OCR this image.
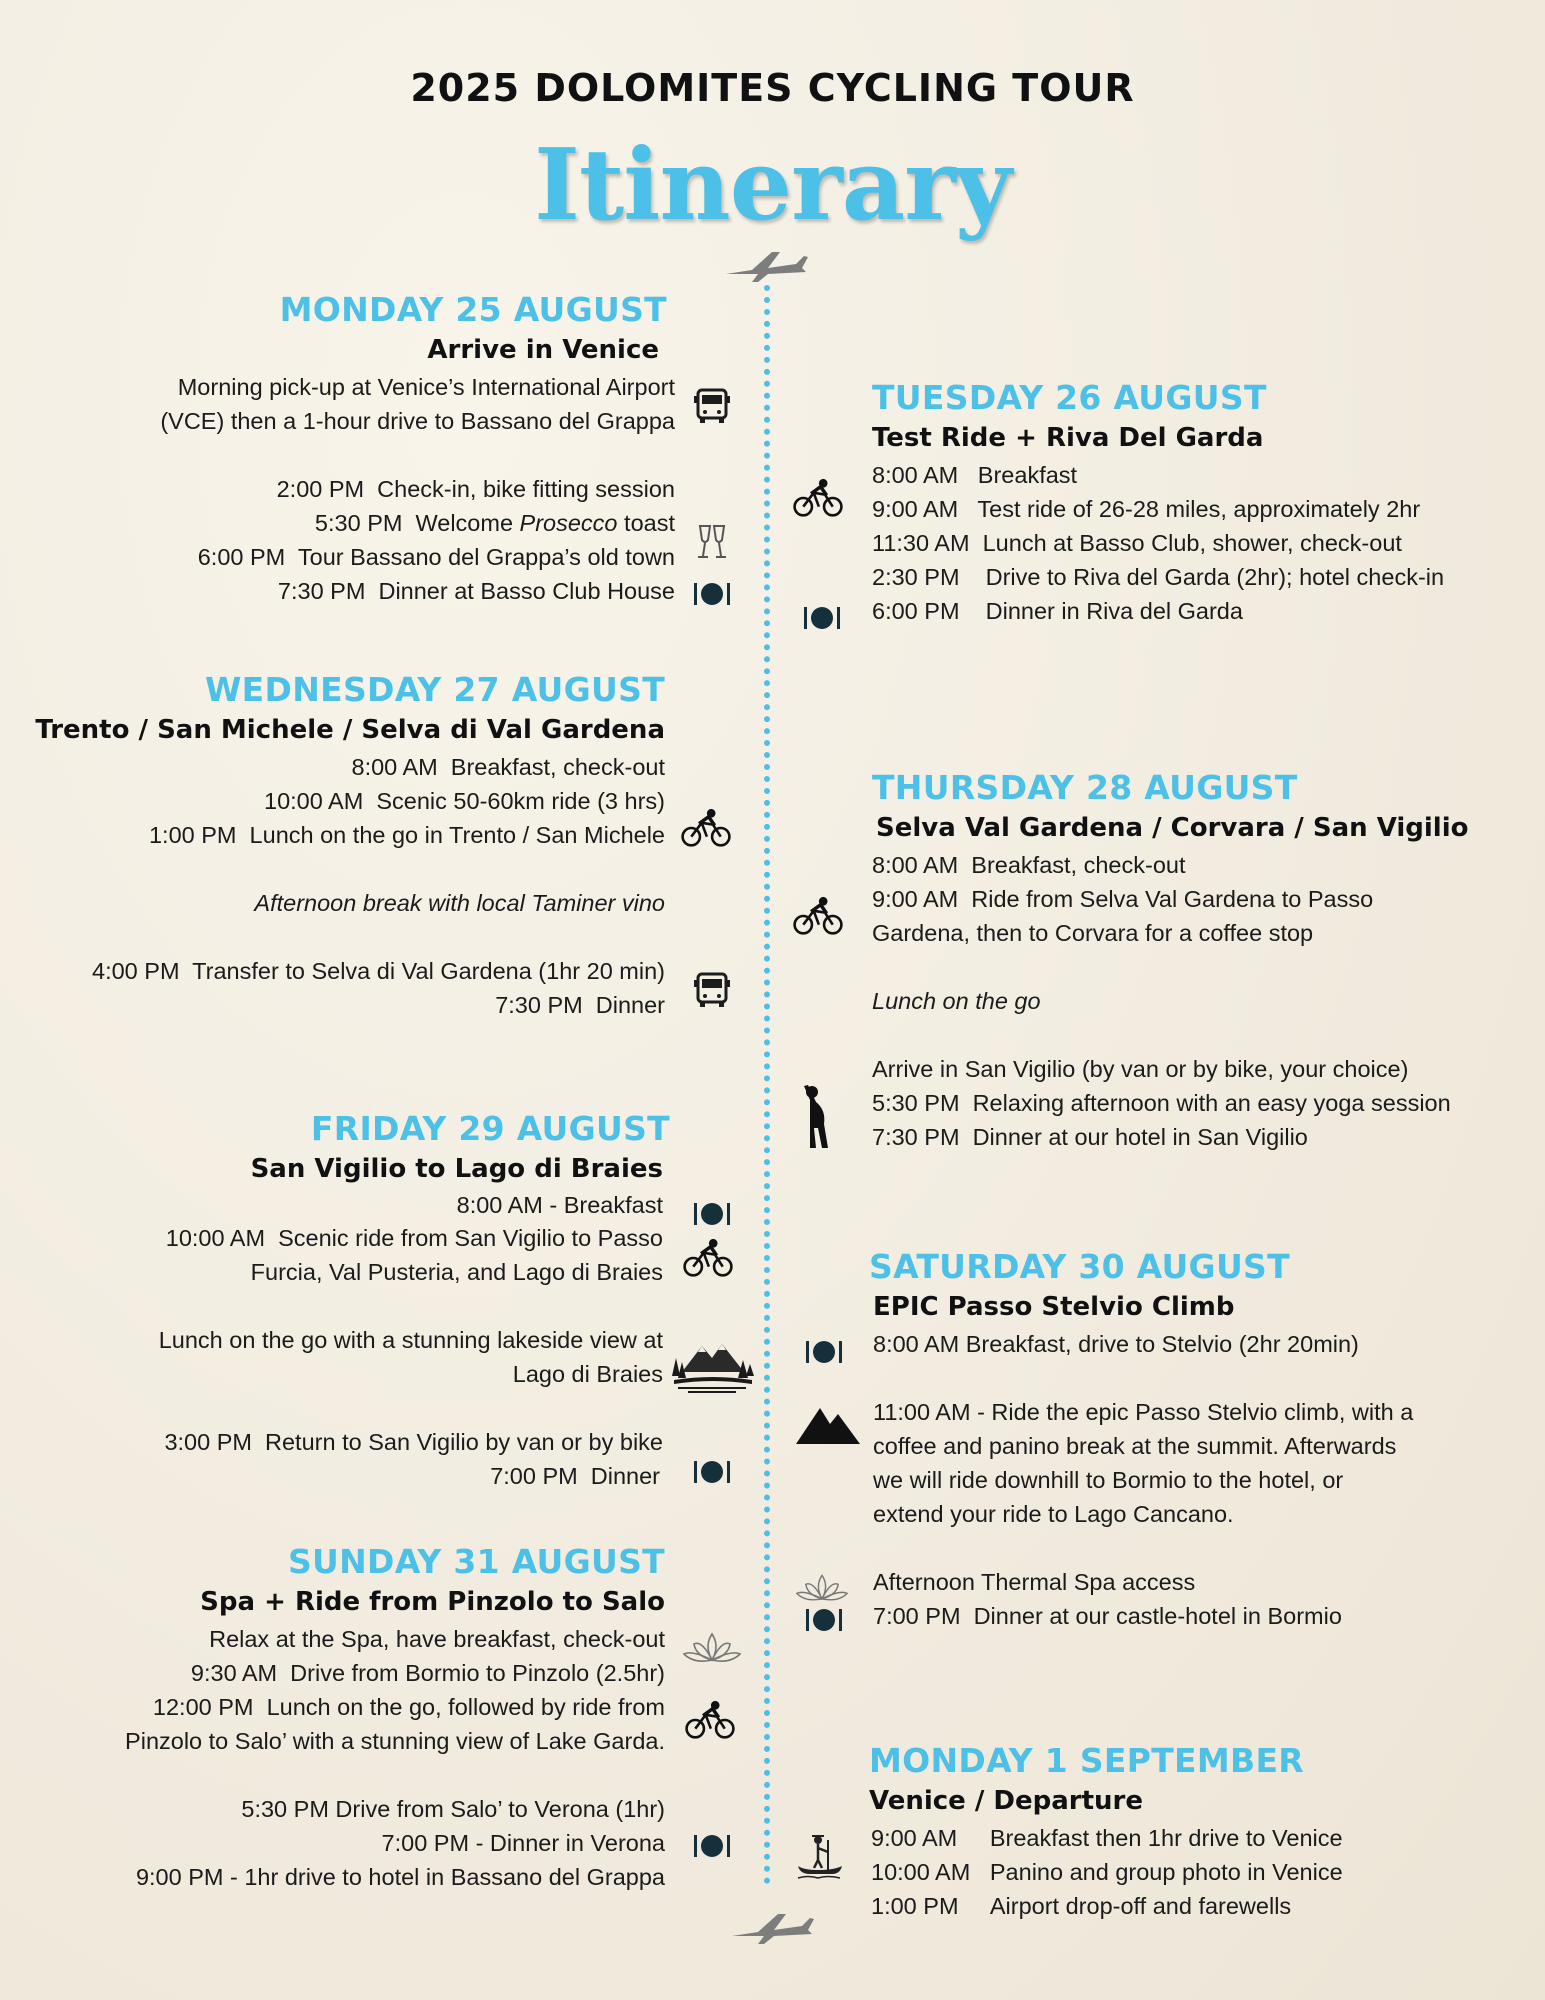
2025 DOLOMITES CYCLING TOUR
Itinerary
MONDAY 25 AUGUST
Arrive in Venice
Morning pick-up at Venice’s International Airport
(VCE) then a 1-hour drive to Bassano del Grappa
2:00 PM  Check-in, bike fitting session
5:30 PM  Welcome Prosecco toast
6:00 PM  Tour Bassano del Grappa’s old town
7:30 PM  Dinner at Basso Club House
TUESDAY 26 AUGUST
Test Ride + Riva Del Garda
8:00 AM   Breakfast
9:00 AM   Test ride of 26-28 miles, approximately 2hr
11:30 AM  Lunch at Basso Club, shower, check-out
2:30 PM    Drive to Riva del Garda (2hr); hotel check-in
6:00 PM    Dinner in Riva del Garda
WEDNESDAY 27 AUGUST
Trento / San Michele / Selva di Val Gardena
8:00 AM  Breakfast, check-out
10:00 AM  Scenic 50-60km ride (3 hrs)
1:00 PM  Lunch on the go in Trento / San Michele
Afternoon break with local Taminer vino
4:00 PM  Transfer to Selva di Val Gardena (1hr 20 min)
7:30 PM  Dinner
THURSDAY 28 AUGUST
Selva Val Gardena / Corvara / San Vigilio
8:00 AM  Breakfast, check-out
9:00 AM  Ride from Selva Val Gardena to Passo
Gardena, then to Corvara for a coffee stop
Lunch on the go
Arrive in San Vigilio (by van or by bike, your choice)
5:30 PM  Relaxing afternoon with an easy yoga session
7:30 PM  Dinner at our hotel in San Vigilio
FRIDAY 29 AUGUST
San Vigilio to Lago di Braies
8:00 AM - Breakfast
10:00 AM  Scenic ride from San Vigilio to Passo
Furcia, Val Pusteria, and Lago di Braies
Lunch on the go with a stunning lakeside view at
Lago di Braies
3:00 PM  Return to San Vigilio by van or by bike
7:00 PM  Dinner
SATURDAY 30 AUGUST
EPIC Passo Stelvio Climb
8:00 AM Breakfast, drive to Stelvio (2hr 20min)
11:00 AM - Ride the epic Passo Stelvio climb, with a
coffee and panino break at the summit. Afterwards
we will ride downhill to Bormio to the hotel, or
extend your ride to Lago Cancano.
Afternoon Thermal Spa access
7:00 PM  Dinner at our castle-hotel in Bormio
SUNDAY 31 AUGUST
Spa + Ride from Pinzolo to Salo
Relax at the Spa, have breakfast, check-out
9:30 AM  Drive from Bormio to Pinzolo (2.5hr)
12:00 PM  Lunch on the go, followed by ride from
Pinzolo to Salo’ with a stunning view of Lake Garda.
5:30 PM Drive from Salo’ to Verona (1hr)
7:00 PM - Dinner in Verona
9:00 PM - 1hr drive to hotel in Bassano del Grappa
MONDAY 1 SEPTEMBER
Venice / Departure
9:00 AM     Breakfast then 1hr drive to Venice
10:00 AM   Panino and group photo in Venice
1:00 PM     Airport drop-off and farewells
